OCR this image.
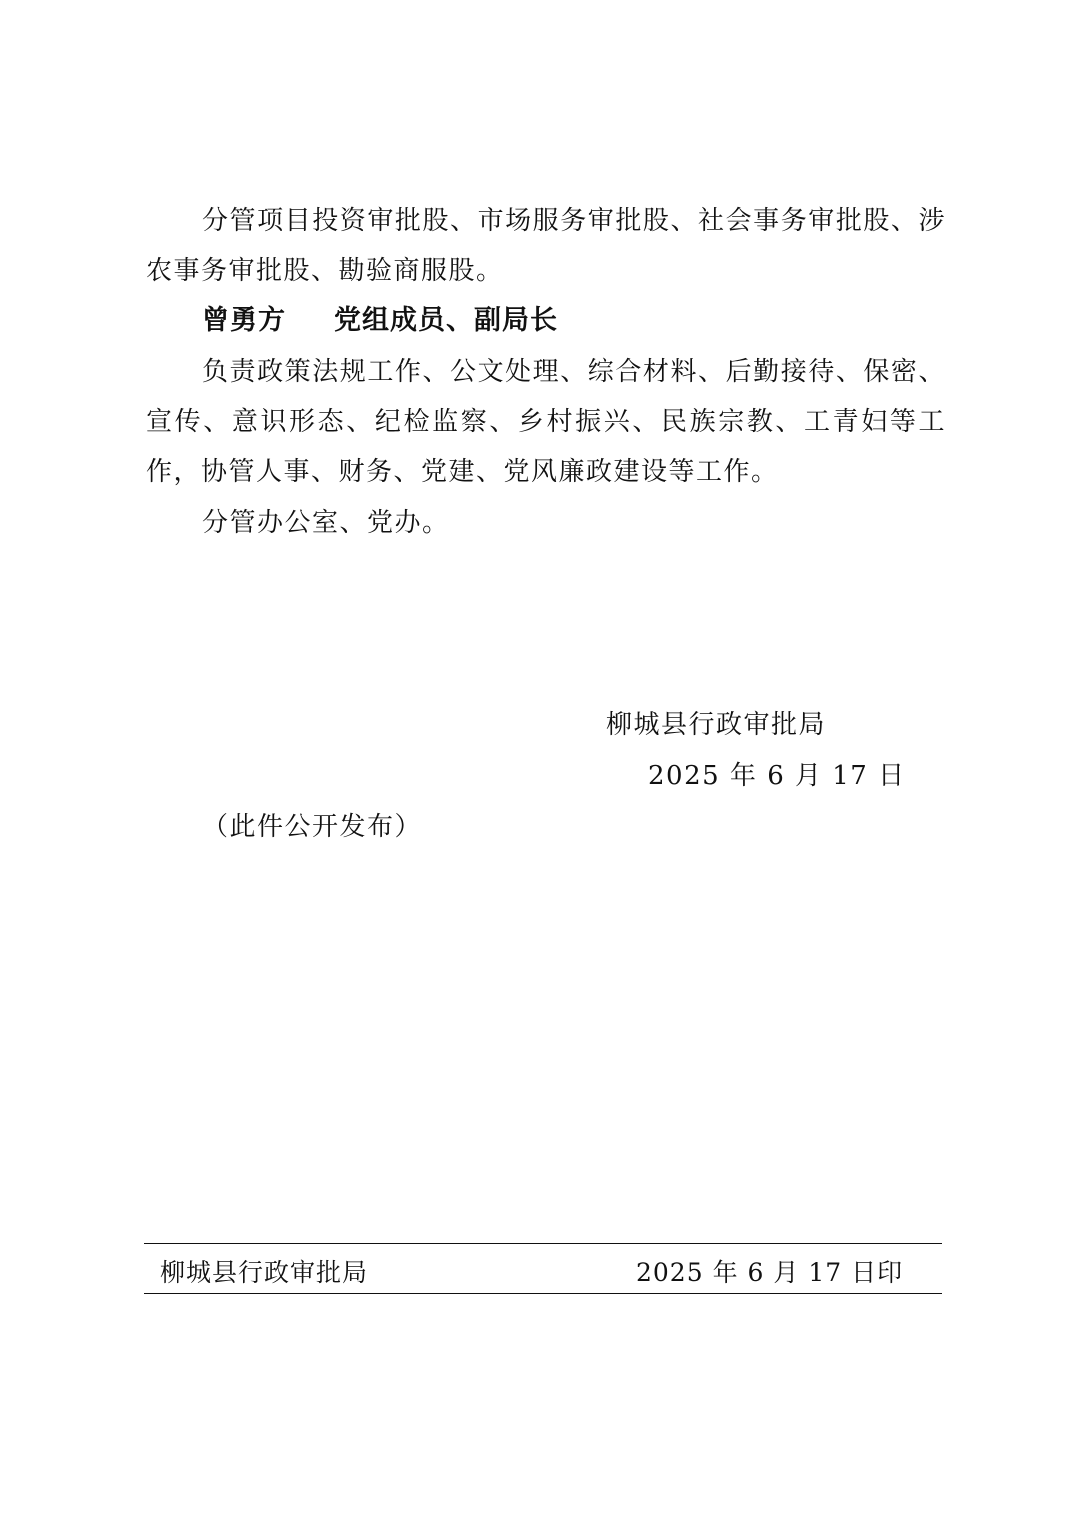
分管项目投资审批股、市场服务审批股、社会事务审批股、涉农事务审批股、勘验商服股。

曾勇方 党组成员、副局长

负责政策法规工作、公文处理、综合材料、后勤接待、保密、宣传、意识形态、纪检监察、乡村振兴、民族宗教、工青妇等工作，协管人事、财务、党建、党风廉政建设等工作。

分管办公室、党办。

柳城县行政审批局
2025 年 6 月 17 日
（此件公开发布）
柳城县行政审批局	2025 年 6 月 17 日印
